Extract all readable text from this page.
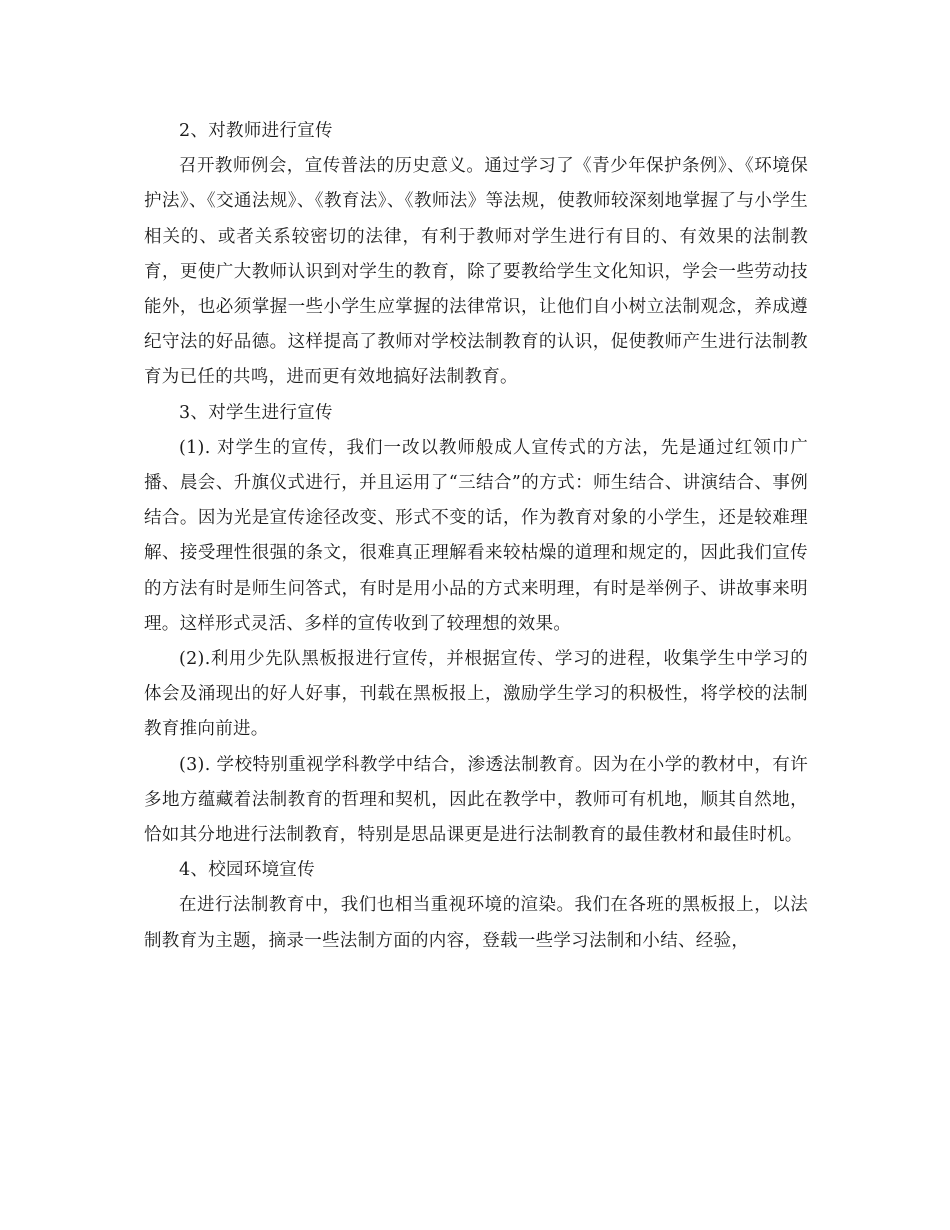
2、对教师进行宣传

召开教师例会，宣传普法的历史意义。通过学习了《青少年保护条例》、《环境保护法》、《交通法规》、《教育法》、《教师法》等法规，使教师较深刻地掌握了与小学生相关的、或者关系较密切的法律，有利于教师对学生进行有目的、有效果的法制教育，更使广大教师认识到对学生的教育，除了要教给学生文化知识，学会一些劳动技能外，也必须掌握一些小学生应掌握的法律常识，让他们自小树立法制观念，养成遵纪守法的好品德。这样提高了教师对学校法制教育的认识，促使教师产生进行法制教育为已任的共鸣，进而更有效地搞好法制教育。

3、对学生进行宣传

(1). 对学生的宣传，我们一改以教师般成人宣传式的方法，先是通过红领巾广播、晨会、升旗仪式进行，并且运用了“三结合”的方式：师生结合、讲演结合、事例结合。因为光是宣传途径改变、形式不变的话，作为教育对象的小学生，还是较难理解、接受理性很强的条文，很难真正理解看来较枯燥的道理和规定的，因此我们宣传的方法有时是师生问答式，有时是用小品的方式来明理，有时是举例子、讲故事来明理。这样形式灵活、多样的宣传收到了较理想的效果。

(2).利用少先队黑板报进行宣传，并根据宣传、学习的进程，收集学生中学习的体会及涌现出的好人好事，刊载在黑板报上，激励学生学习的积极性，将学校的法制教育推向前进。

(3). 学校特别重视学科教学中结合，渗透法制教育。因为在小学的教材中，有许多地方蕴藏着法制教育的哲理和契机，因此在教学中，教师可有机地，顺其自然地，恰如其分地进行法制教育，特别是思品课更是进行法制教育的最佳教材和最佳时机。

4、校园环境宣传

在进行法制教育中，我们也相当重视环境的渲染。我们在各班的黑板报上，以法制教育为主题，摘录一些法制方面的内容，登载一些学习法制和小结、经验，
